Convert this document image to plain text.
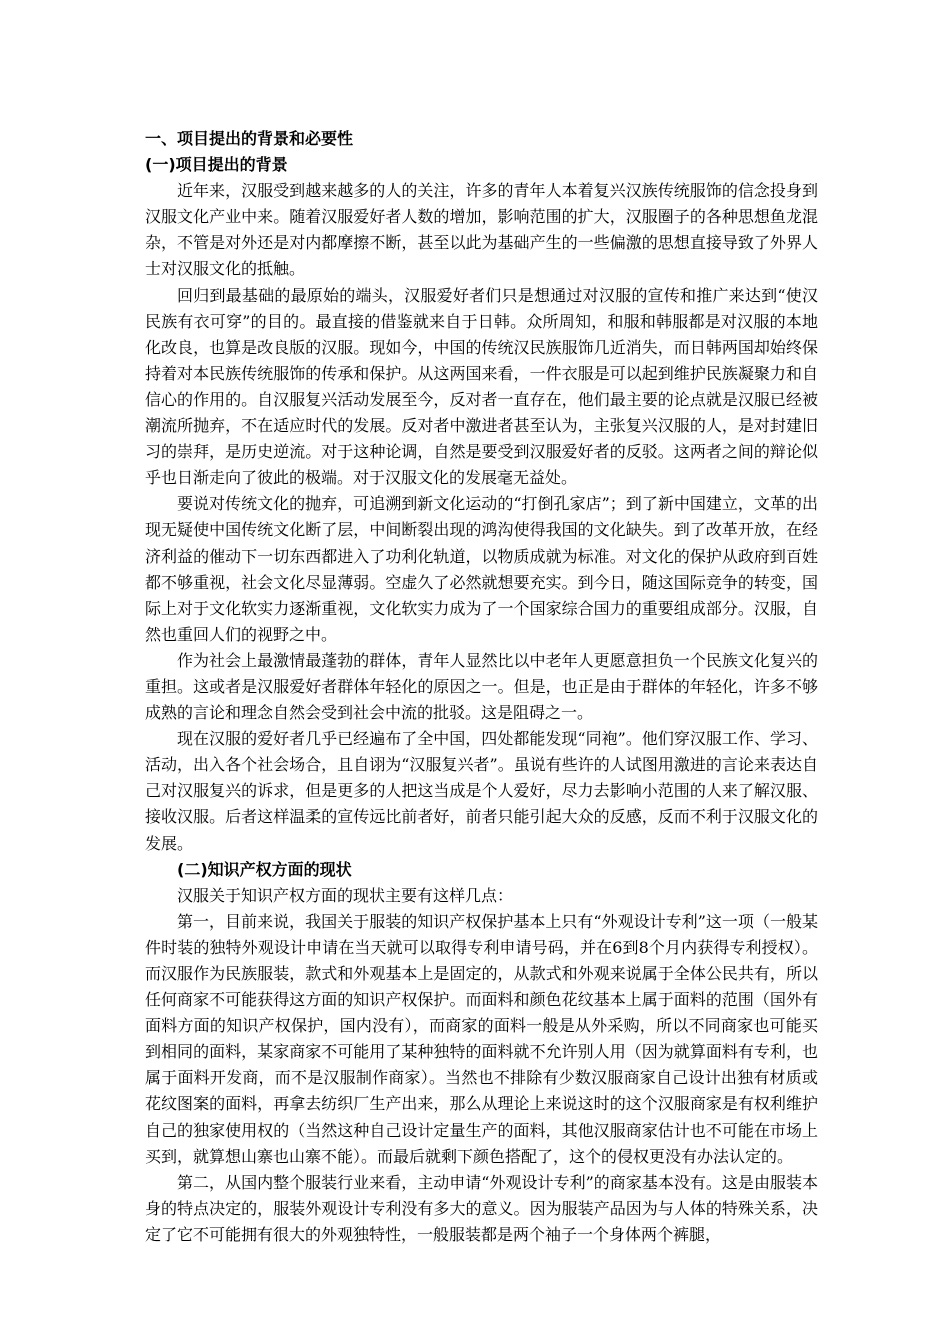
一、项目提出的背景和必要性

(一)项目提出的背景

近年来，汉服受到越来越多的人的关注，许多的青年人本着复兴汉族传统服饰的信念投身到汉服文化产业中来。随着汉服爱好者人数的增加，影响范围的扩大，汉服圈子的各种思想鱼龙混杂，不管是对外还是对内都摩擦不断，甚至以此为基础产生的一些偏激的思想直接导致了外界人士对汉服文化的抵触。

回归到最基础的最原始的端头，汉服爱好者们只是想通过对汉服的宣传和推广来达到“使汉民族有衣可穿”的目的。最直接的借鉴就来自于日韩。众所周知，和服和韩服都是对汉服的本地化改良，也算是改良版的汉服。现如今，中国的传统汉民族服饰几近消失，而日韩两国却始终保持着对本民族传统服饰的传承和保护。从这两国来看，一件衣服是可以起到维护民族凝聚力和自信心的作用的。自汉服复兴活动发展至今，反对者一直存在，他们最主要的论点就是汉服已经被潮流所抛弃，不在适应时代的发展。反对者中激进者甚至认为，主张复兴汉服的人，是对封建旧习的崇拜，是历史逆流。对于这种论调，自然是要受到汉服爱好者的反驳。这两者之间的辩论似乎也日渐走向了彼此的极端。对于汉服文化的发展毫无益处。

要说对传统文化的抛弃，可追溯到新文化运动的“打倒孔家店”；到了新中国建立，文革的出现无疑使中国传统文化断了层，中间断裂出现的鸿沟使得我国的文化缺失。到了改革开放，在经济利益的催动下一切东西都进入了功利化轨道，以物质成就为标准。对文化的保护从政府到百姓都不够重视，社会文化尽显薄弱。空虚久了必然就想要充实。到今日，随这国际竞争的转变，国际上对于文化软实力逐渐重视，文化软实力成为了一个国家综合国力的重要组成部分。汉服，自然也重回人们的视野之中。

作为社会上最激情最蓬勃的群体，青年人显然比以中老年人更愿意担负一个民族文化复兴的重担。这或者是汉服爱好者群体年轻化的原因之一。但是，也正是由于群体的年轻化，许多不够成熟的言论和理念自然会受到社会中流的批驳。这是阻碍之一。

现在汉服的爱好者几乎已经遍布了全中国，四处都能发现“同袍”。他们穿汉服工作、学习、活动，出入各个社会场合，且自诩为“汉服复兴者”。虽说有些许的人试图用激进的言论来表达自己对汉服复兴的诉求，但是更多的人把这当成是个人爱好，尽力去影响小范围的人来了解汉服、接收汉服。后者这样温柔的宣传远比前者好，前者只能引起大众的反感，反而不利于汉服文化的发展。

(二)知识产权方面的现状

汉服关于知识产权方面的现状主要有这样几点：

第一，目前来说，我国关于服装的知识产权保护基本上只有“外观设计专利”这一项（一般某件时装的独特外观设计申请在当天就可以取得专利申请号码，并在6到8个月内获得专利授权）。而汉服作为民族服装，款式和外观基本上是固定的，从款式和外观来说属于全体公民共有，所以任何商家不可能获得这方面的知识产权保护。而面料和颜色花纹基本上属于面料的范围（国外有面料方面的知识产权保护，国内没有），而商家的面料一般是从外采购，所以不同商家也可能买到相同的面料，某家商家不可能用了某种独特的面料就不允许别人用（因为就算面料有专利，也属于面料开发商，而不是汉服制作商家）。当然也不排除有少数汉服商家自己设计出独有材质或花纹图案的面料，再拿去纺织厂生产出来，那么从理论上来说这时的这个汉服商家是有权利维护自己的独家使用权的（当然这种自己设计定量生产的面料，其他汉服商家估计也不可能在市场上买到，就算想山寨也山寨不能）。而最后就剩下颜色搭配了，这个的侵权更没有办法认定的。

第二，从国内整个服装行业来看，主动申请“外观设计专利”的商家基本没有。这是由服装本身的特点决定的，服装外观设计专利没有多大的意义。因为服装产品因为与人体的特殊关系，决定了它不可能拥有很大的外观独特性，一般服装都是两个袖子一个身体两个裤腿，
